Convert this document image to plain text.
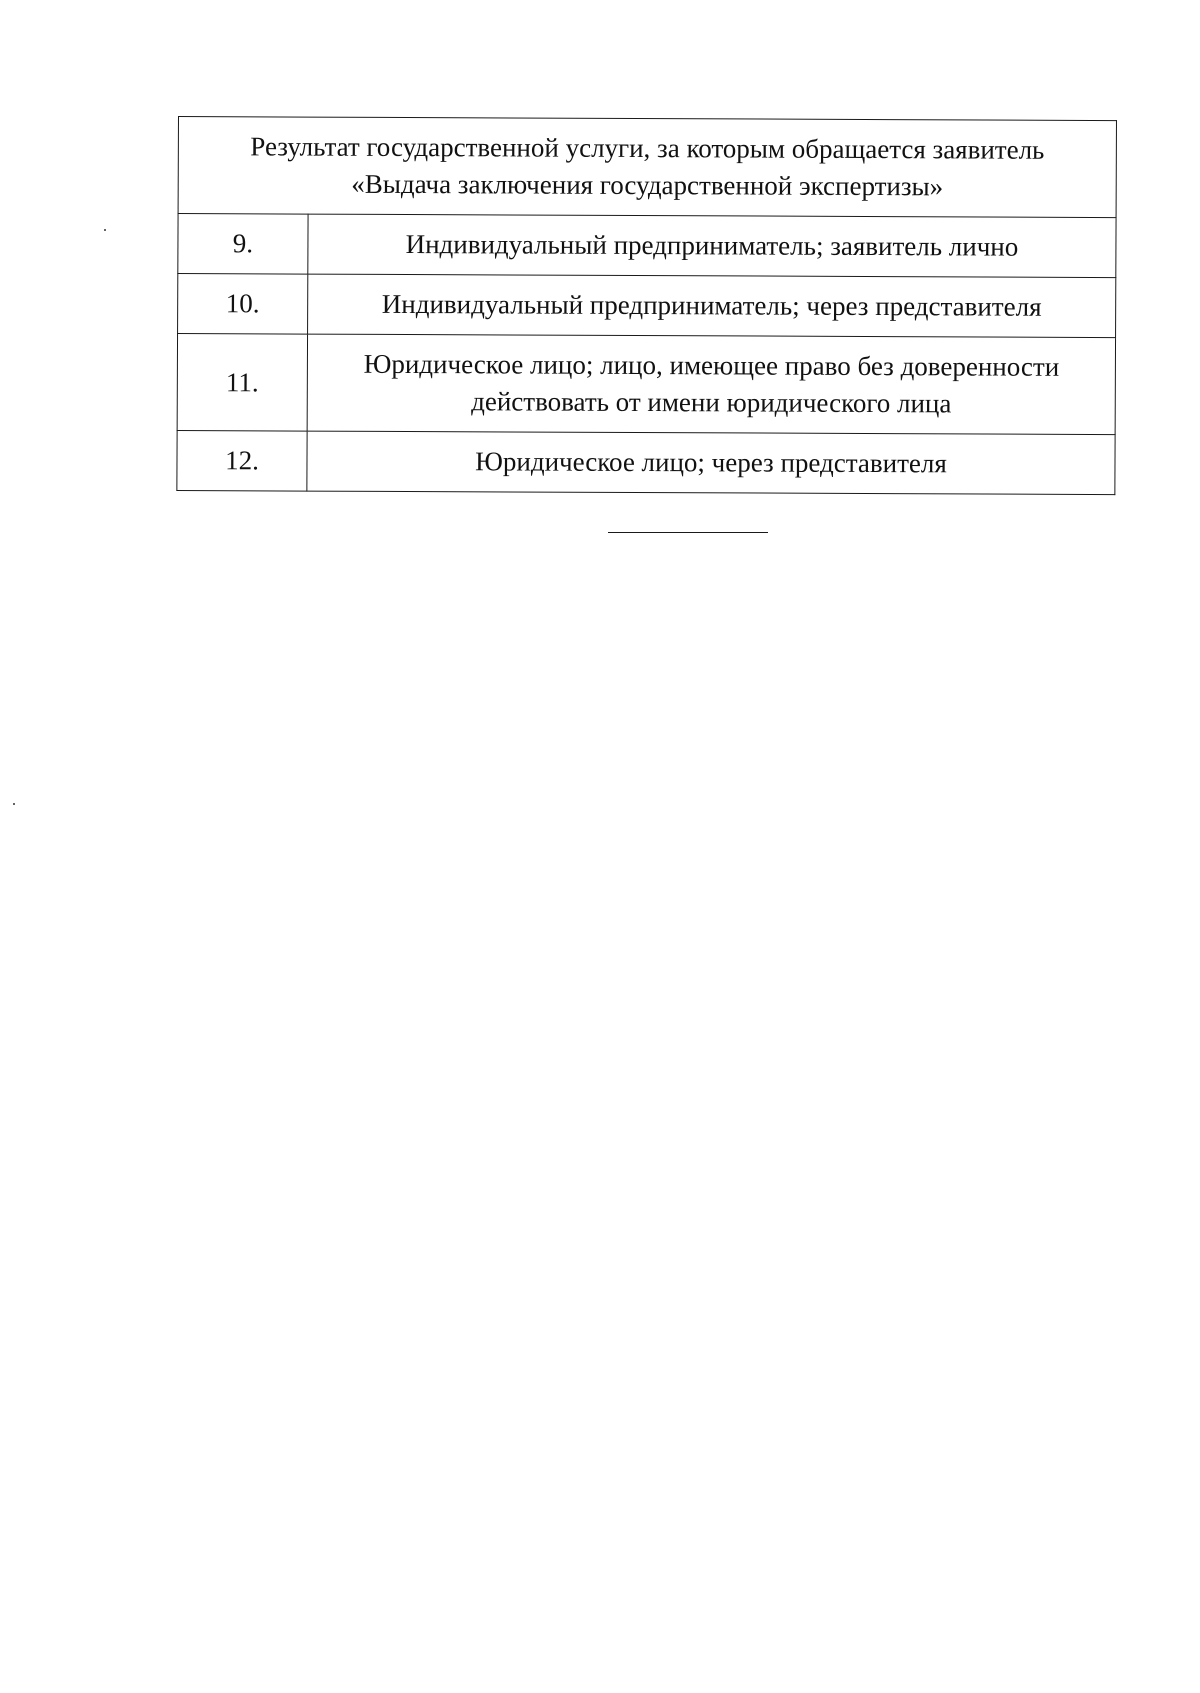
Результат государственной услуги, за которым обращается заявитель
«Выдача заключения государственной экспертизы»	

9.	Индивидуальный предприниматель; заявитель лично
10.	Индивидуальный предприниматель; через представителя
11.	Юридическое лицо; лицо, имеющее право без доверенности
действовать от имени юридического лица

12.	Юридическое лицо; через представителя
